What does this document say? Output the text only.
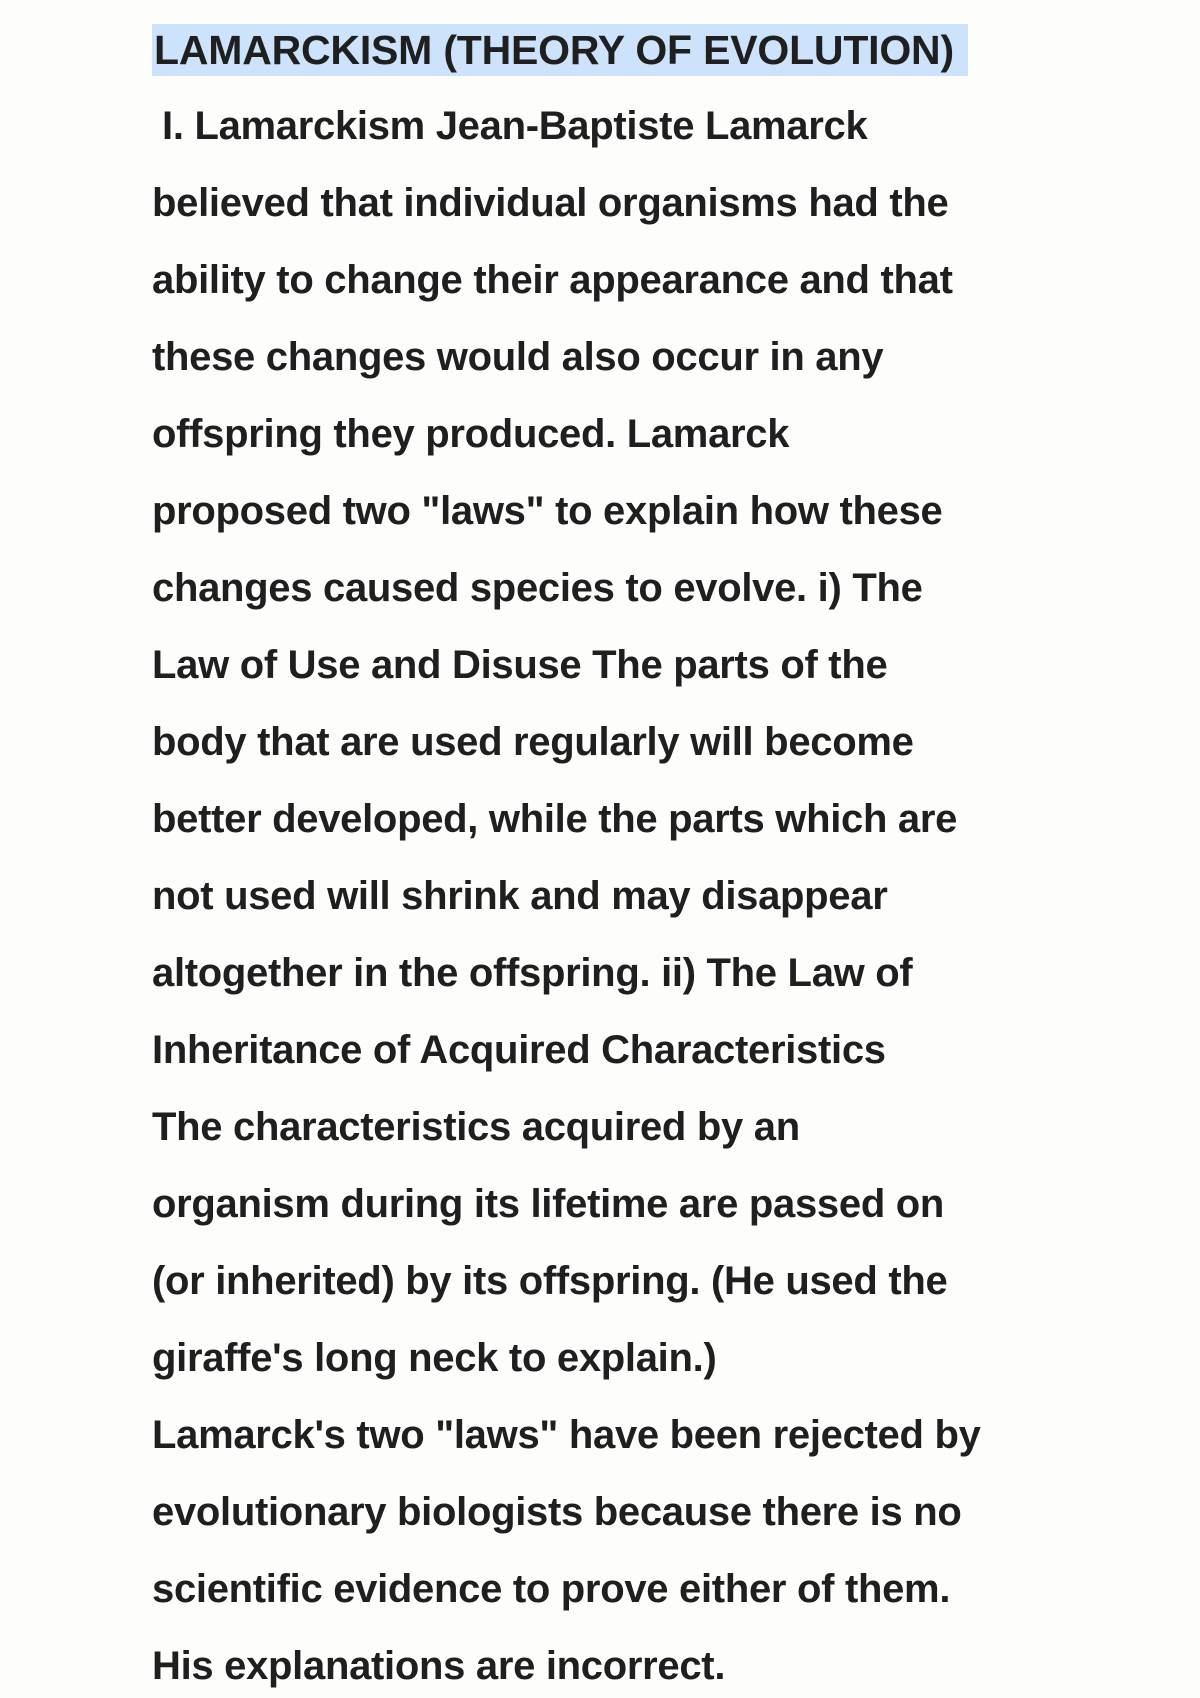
LAMARCKISM (THEORY OF EVOLUTION)
I. Lamarckism Jean-Baptiste Lamarck
believed that individual organisms had the
ability to change their appearance and that
these changes would also occur in any
offspring they produced. Lamarck
proposed two "laws" to explain how these
changes caused species to evolve. i) The
Law of Use and Disuse The parts of the
body that are used regularly will become
better developed, while the parts which are
not used will shrink and may disappear
altogether in the offspring. ii) The Law of
Inheritance of Acquired Characteristics
The characteristics acquired by an
organism during its lifetime are passed on
(or inherited) by its offspring. (He used the
giraffe's long neck to explain.)
Lamarck's two "laws" have been rejected by
evolutionary biologists because there is no
scientific evidence to prove either of them.
His explanations are incorrect.
